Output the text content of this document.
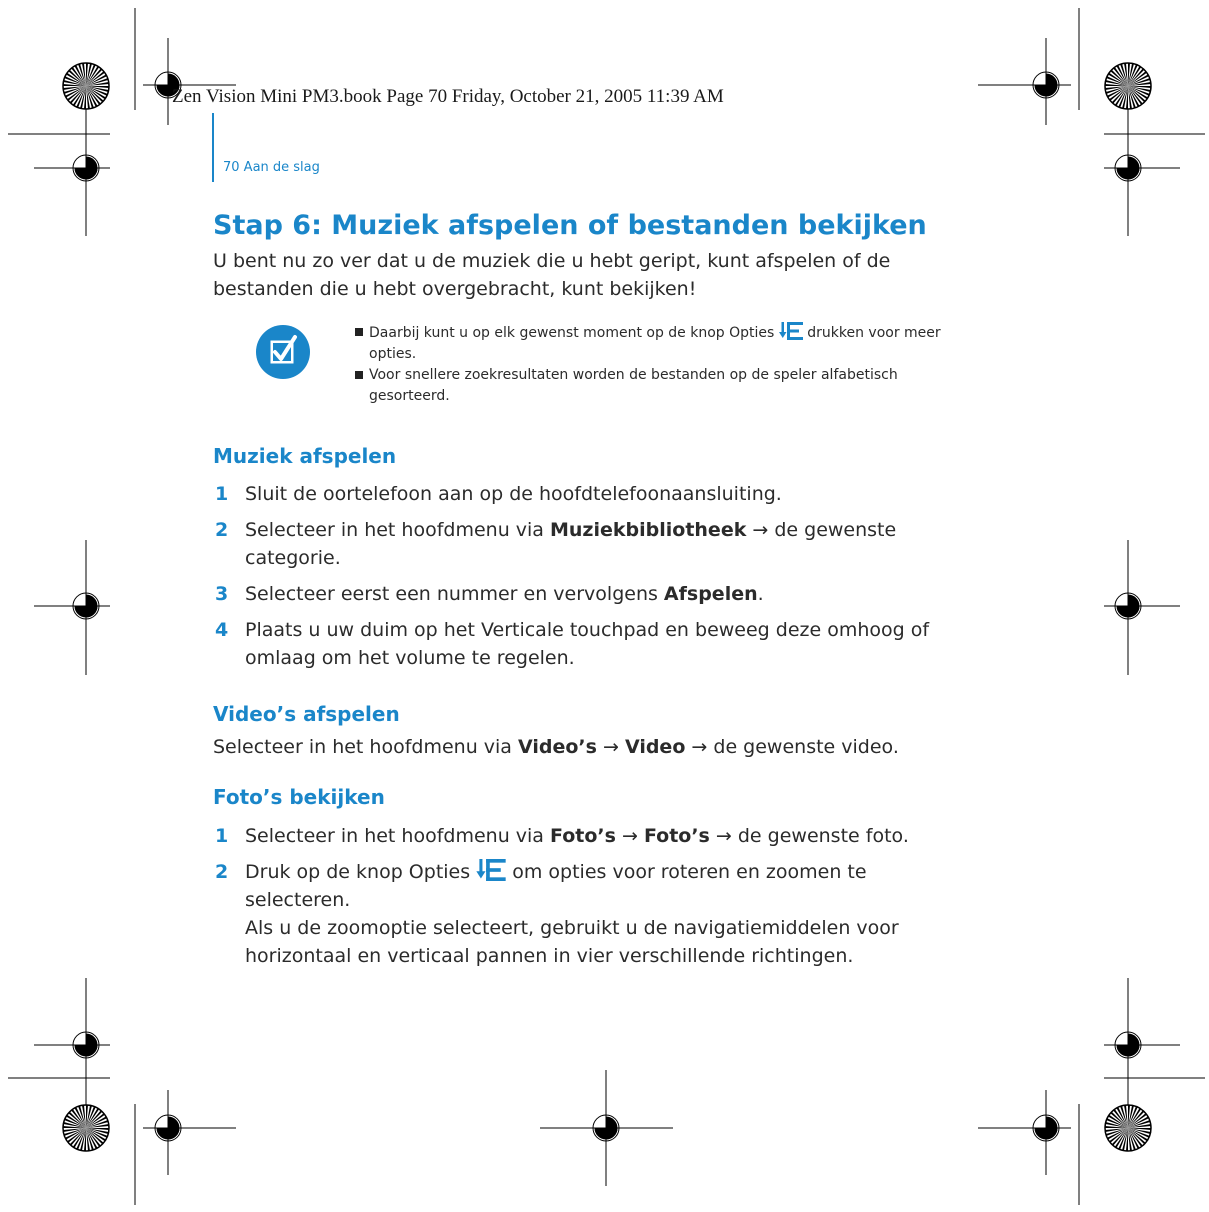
Zen Vision Mini PM3.book Page 70 Friday, October 21, 2005 11:39 AM
70 Aan de slag
Stap 6: Muziek afspelen of bestanden bekijken

U bent nu zo ver dat u de muziek die u hebt geript, kunt afspelen of de bestanden die u hebt overgebracht, kunt bekijken!

Daarbij kunt u op elk gewenst moment op de knop Opties drukken voor meer opties.
Voor snellere zoekresultaten worden de bestanden op de speler alfabetisch gesorteerd.
Muziek afspelen
1 Sluit de oortelefoon aan op de hoofdtelefoonaansluiting.
2 Selecteer in het hoofdmenu via Muziekbibliotheek → de gewenste categorie.
3 Selecteer eerst een nummer en vervolgens Afspelen.
4 Plaats u uw duim op het Verticale touchpad en beweeg deze omhoog of omlaag om het volume te regelen.
Video’s afspelen

Selecteer in het hoofdmenu via Video’s → Video → de gewenste video.

Foto’s bekijken
1 Selecteer in het hoofdmenu via Foto’s → Foto’s → de gewenste foto.
2 Druk op de knop Opties om opties voor roteren en zoomen te selecteren.
Als u de zoomoptie selecteert, gebruikt u de navigatiemiddelen voor horizontaal en verticaal pannen in vier verschillende richtingen.
